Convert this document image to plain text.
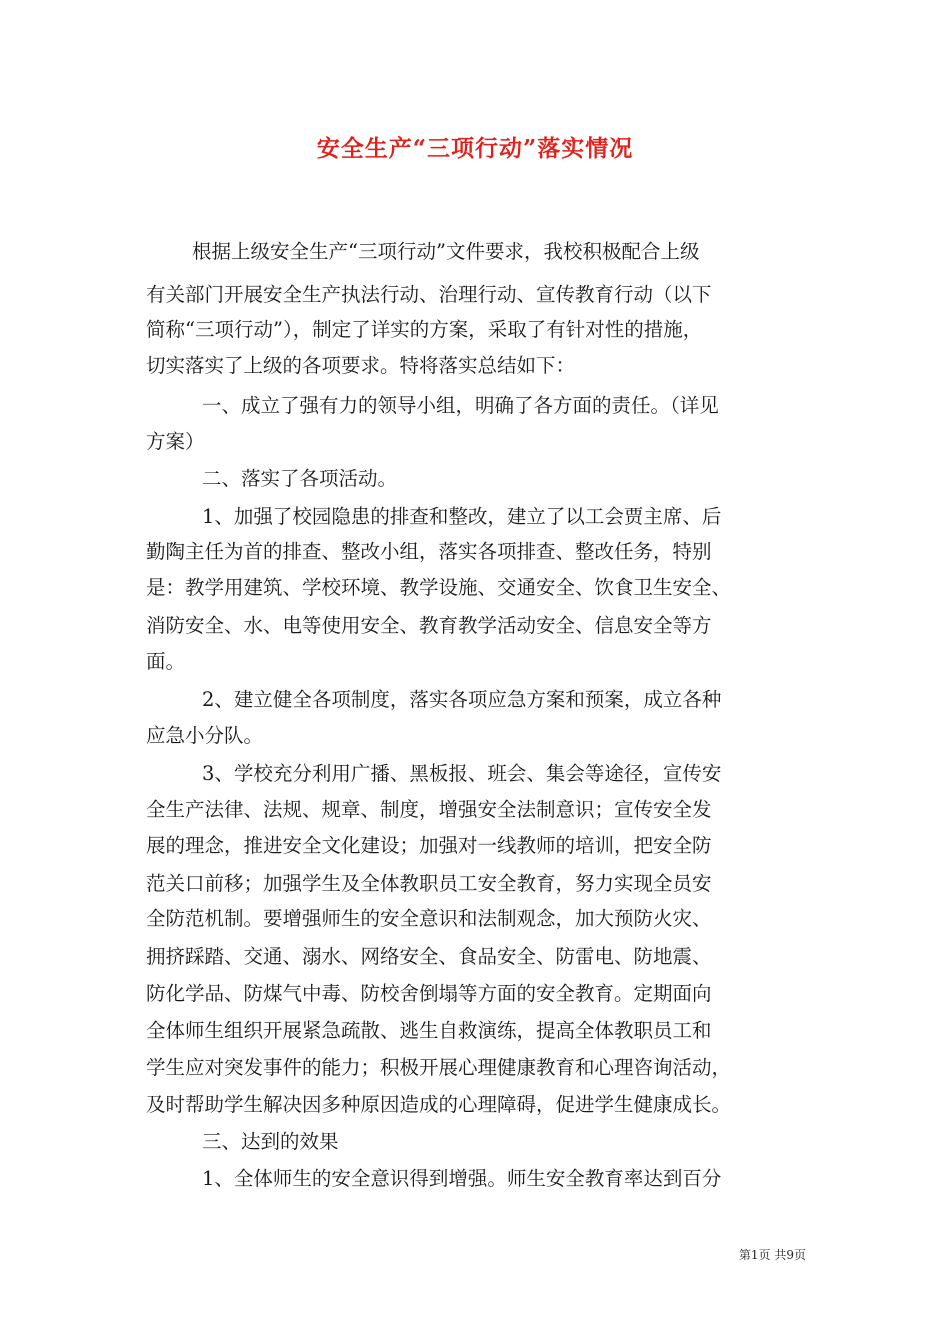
安全生产“三项行动”落实情况
根据上级安全生产“三项行动”文件要求，我校积极配合上级
有关部门开展安全生产执法行动、治理行动、宣传教育行动（以下
简称“三项行动”），制定了详实的方案，采取了有针对性的措施，
切实落实了上级的各项要求。特将落实总结如下：
一、成立了强有力的领导小组，明确了各方面的责任。（详见
方案）
二、落实了各项活动。
1、加强了校园隐患的排查和整改，建立了以工会贾主席、后
勤陶主任为首的排查、整改小组，落实各项排查、整改任务，特别
是：教学用建筑、学校环境、教学设施、交通安全、饮食卫生安全、
消防安全、水、电等使用安全、教育教学活动安全、信息安全等方
面。
2、建立健全各项制度，落实各项应急方案和预案，成立各种
应急小分队。
3、学校充分利用广播、黑板报、班会、集会等途径，宣传安
全生产法律、法规、规章、制度，增强安全法制意识；宣传安全发
展的理念，推进安全文化建设；加强对一线教师的培训，把安全防
范关口前移；加强学生及全体教职员工安全教育，努力实现全员安
全防范机制。要增强师生的安全意识和法制观念，加大预防火灾、
拥挤踩踏、交通、溺水、网络安全、食品安全、防雷电、防地震、
防化学品、防煤气中毒、防校舍倒塌等方面的安全教育。定期面向
全体师生组织开展紧急疏散、逃生自救演练，提高全体教职员工和
学生应对突发事件的能力；积极开展心理健康教育和心理咨询活动，
及时帮助学生解决因多种原因造成的心理障碍，促进学生健康成长。
三、达到的效果
1、全体师生的安全意识得到增强。师生安全教育率达到百分
第1页 共9页
